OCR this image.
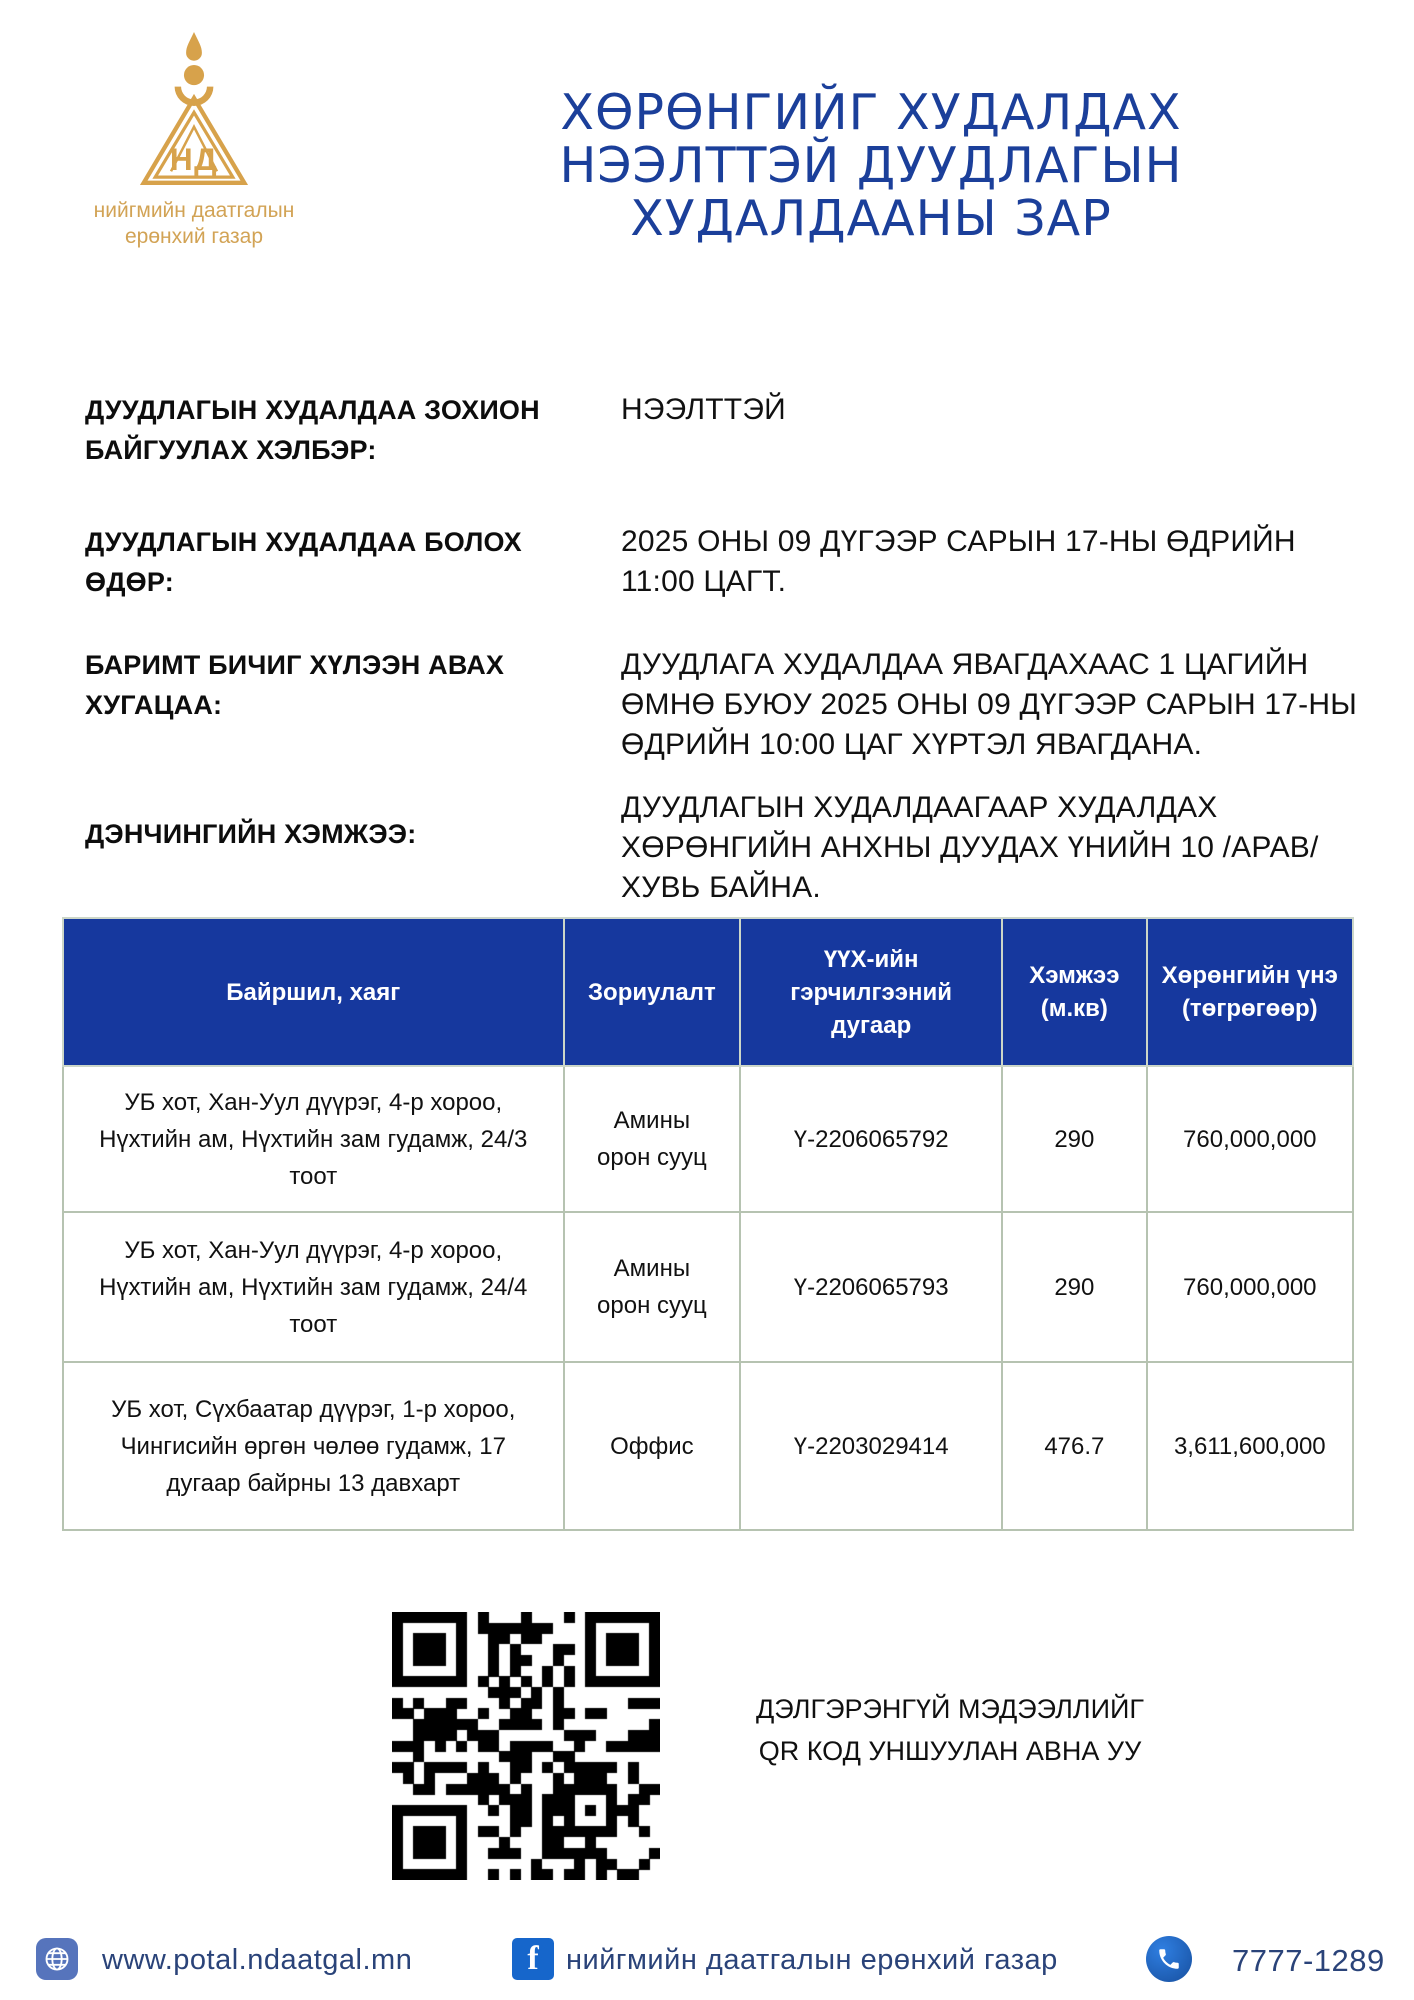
НД
нийгмийн даатгалын
ерөнхий газар
ХӨРӨНГИЙГ ХУДАЛДАХ
НЭЭЛТТЭЙ ДУУДЛАГЫН
ХУДАЛДААНЫ ЗАР
ДУУДЛАГЫН ХУДАЛДАА ЗОХИОН БАЙГУУЛАХ ХЭЛБЭР:
НЭЭЛТТЭЙ
ДУУДЛАГЫН ХУДАЛДАА БОЛОХ ӨДӨР:
2025 ОНЫ 09 ДҮГЭЭР САРЫН 17-НЫ ӨДРИЙН 11:00 ЦАГТ.
БАРИМТ БИЧИГ ХҮЛЭЭН АВАХ ХУГАЦАА:
ДУУДЛАГА ХУДАЛДАА ЯВАГДАХААС 1 ЦАГИЙН ӨМНӨ БУЮУ 2025 ОНЫ 09 ДҮГЭЭР САРЫН 17-НЫ ӨДРИЙН 10:00 ЦАГ ХҮРТЭЛ ЯВАГДАНА.
ДЭНЧИНГИЙН ХЭМЖЭЭ:
ДУУДЛАГЫН ХУДАЛДААГААР ХУДАЛДАХ ХӨРӨНГИЙН АНХНЫ ДУУДАХ ҮНИЙН 10 /АРАВ/ ХУВЬ БАЙНА.
Байршил, хаяг	Зориулалт	ҮҮХ-ийн гэрчилгээний дугаар	Хэмжээ (м.кв)	Хөрөнгийн үнэ (төгрөгөөр)
УБ хот, Хан-Уул дүүрэг, 4-р хороо, Нүхтийн ам, Нүхтийн зам гудамж, 24/3 тоот	Амины орон сууц	Ү-2206065792	290	760,000,000
УБ хот, Хан-Уул дүүрэг, 4-р хороо, Нүхтийн ам, Нүхтийн зам гудамж, 24/4 тоот	Амины орон сууц	Ү-2206065793	290	760,000,000
УБ хот, Сүхбаатар дүүрэг, 1-р хороо, Чингисийн өргөн чөлөө гудамж, 17 дугаар байрны 13 давхарт	Оффис	Ү-2203029414	476.7	3,611,600,000
ДЭЛГЭРЭНГҮЙ МЭДЭЭЛЛИЙГ
QR КОД УНШУУЛАН АВНА УУ
www.potal.ndaatgal.mn	f нийгмийн даатгалын ерөнхий газар	7777-1289
